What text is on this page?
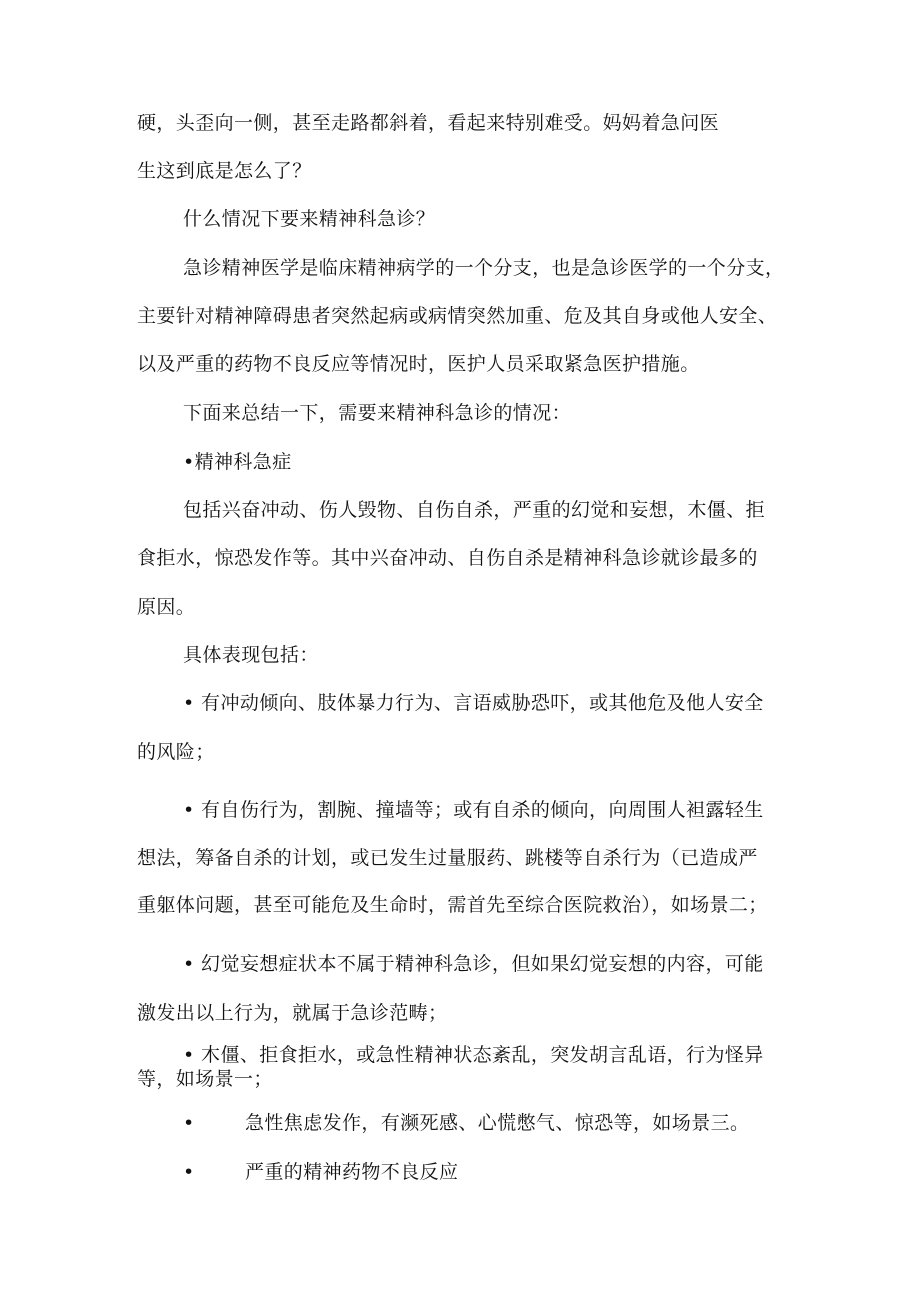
硬，头歪向一侧，甚至走路都斜着，看起来特别难受。妈妈着急问医
生这到底是怎么了？
什么情况下要来精神科急诊？
急诊精神医学是临床精神病学的一个分支，也是急诊医学的一个分支，
主要针对精神障碍患者突然起病或病情突然加重、危及其自身或他人安全、
以及严重的药物不良反应等情况时，医护人员采取紧急医护措施。
下面来总结一下，需要来精神科急诊的情况：
•精神科急症
包括兴奋冲动、伤人毁物、自伤自杀，严重的幻觉和妄想，木僵、拒
食拒水，惊恐发作等。其中兴奋冲动、自伤自杀是精神科急诊就诊最多的
原因。
具体表现包括：
• 有冲动倾向、肢体暴力行为、言语威胁恐吓，或其他危及他人安全
的风险；
• 有自伤行为，割腕、撞墙等；或有自杀的倾向，向周围人袒露轻生
想法，筹备自杀的计划，或已发生过量服药、跳楼等自杀行为（已造成严
重躯体问题，甚至可能危及生命时，需首先至综合医院救治），如场景二；
• 幻觉妄想症状本不属于精神科急诊，但如果幻觉妄想的内容，可能
激发出以上行为，就属于急诊范畴；
• 木僵、拒食拒水，或急性精神状态紊乱，突发胡言乱语，行为怪异
等，如场景一；
•	急性焦虑发作，有濒死感、心慌憋气、惊恐等，如场景三。
•	严重的精神药物不良反应
